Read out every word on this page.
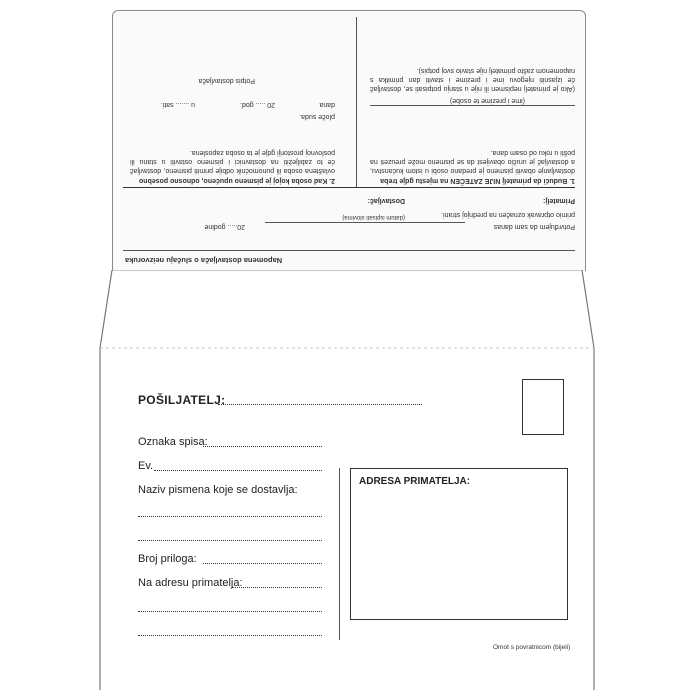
Napomena dostavljača o slučaju neizvoruka
1. Budući da primatelj NIJE ZATEČEN na mjestu gdje treba
dostavljanje obaviti pismeno je predano osobi u istom kućanstvu, a dostavljač je uručio obavijest da se pismeno može preuzeti na pošti u roku od osam dana.
(ime i prezime te osobe)
(Ako je primatelj nepismen ili nije u stanju potpisati se, dostavljač će izjasniti njegovu ime i prezime i staviti dan primitka s napomenom zašto primatelj nije stavio svoj potpis).
2. Kad osoba kojoj je pismeno upućeno, odnosno posebno
ovlaštena osoba ili punomoćnik odbije primiti pismeno, dostavljač će to zabilježiti na dostavnici i pismeno ostaviti u stanu ili poslovnoj prostoriji gdje je ta osoba zaposlena.
ploče suda.
dana
20 ..... god.
u ....... sati.
Potpis dostavljača
Potvrđujem da sam danas
(datum ispisati slovima)
20..... godine
primio otpravak označen na prednjoj strani.
Primatelj:
Dostavljač:
POŠILJATELJ:
Oznaka spisa:
Ev.
Naziv pismena koje se dostavlja:
Broj priloga:
Na adresu primatelja:
ADRESA PRIMATELJA:
Omot s povratnicom (bijeli)
